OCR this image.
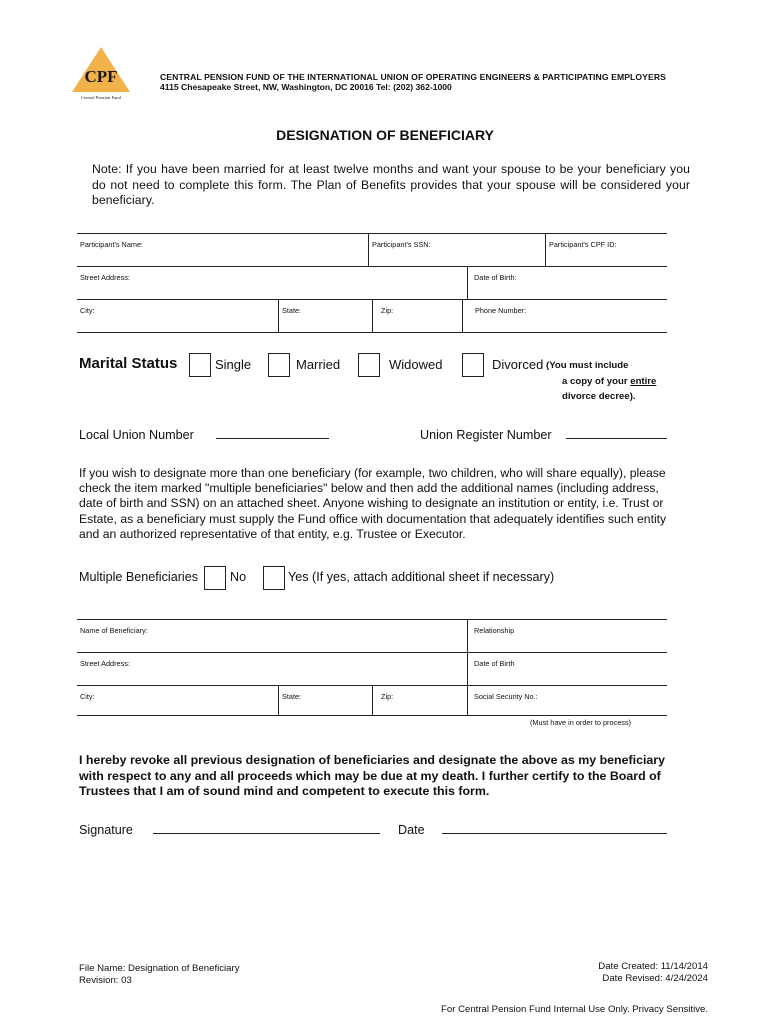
CPF
Central Pension Fund
CENTRAL PENSION FUND OF THE INTERNATIONAL UNION OF OPERATING ENGINEERS & PARTICIPATING EMPLOYERS
4115 Chesapeake Street, NW, Washington, DC 20016 Tel: (202) 362-1000
DESIGNATION OF BENEFICIARY
Note: If you have been married for at least twelve months and want your spouse to be your beneficiary you do not need to complete this form. The Plan of Benefits provides that your spouse will be considered your beneficiary.
Participant's Name:	Participant's SSN:	Participant's CPF ID:
Street Address:	Date of Birth:
City:	State:	Zip:	Phone Number:
Marital Status	Single	Married	Widowed	Divorced (You must include
a copy of your entire
divorce decree).
Local Union Number	Union Register Number
If you wish to designate more than one beneficiary (for example, two children, who will share equally), please check the item marked "multiple beneficiaries" below and then add the additional names (including address, date of birth and SSN) on an attached sheet. Anyone wishing to designate an institution or entity, i.e. Trust or Estate, as a beneficiary must supply the Fund office with documentation that adequately identifies such entity and an authorized representative of that entity, e.g. Trustee or Executor.
Multiple Beneficiaries	No	Yes (If yes, attach additional sheet if necessary)
Name of Beneficiary:	Relationship
Street Address:	Date of Birth
City:	State:	Zip:	Social Security No.:
(Must have in order to process)
I hereby revoke all previous designation of beneficiaries and designate the above as my beneficiary with respect to any and all proceeds which may be due at my death. I further certify to the Board of Trustees that I am of sound mind and competent to execute this form.
Signature	Date
File Name: Designation of Beneficiary
Revision: 03
Date Created: 11/14/2014
Date Revised: 4/24/2024
For Central Pension Fund Internal Use Only. Privacy Sensitive.
